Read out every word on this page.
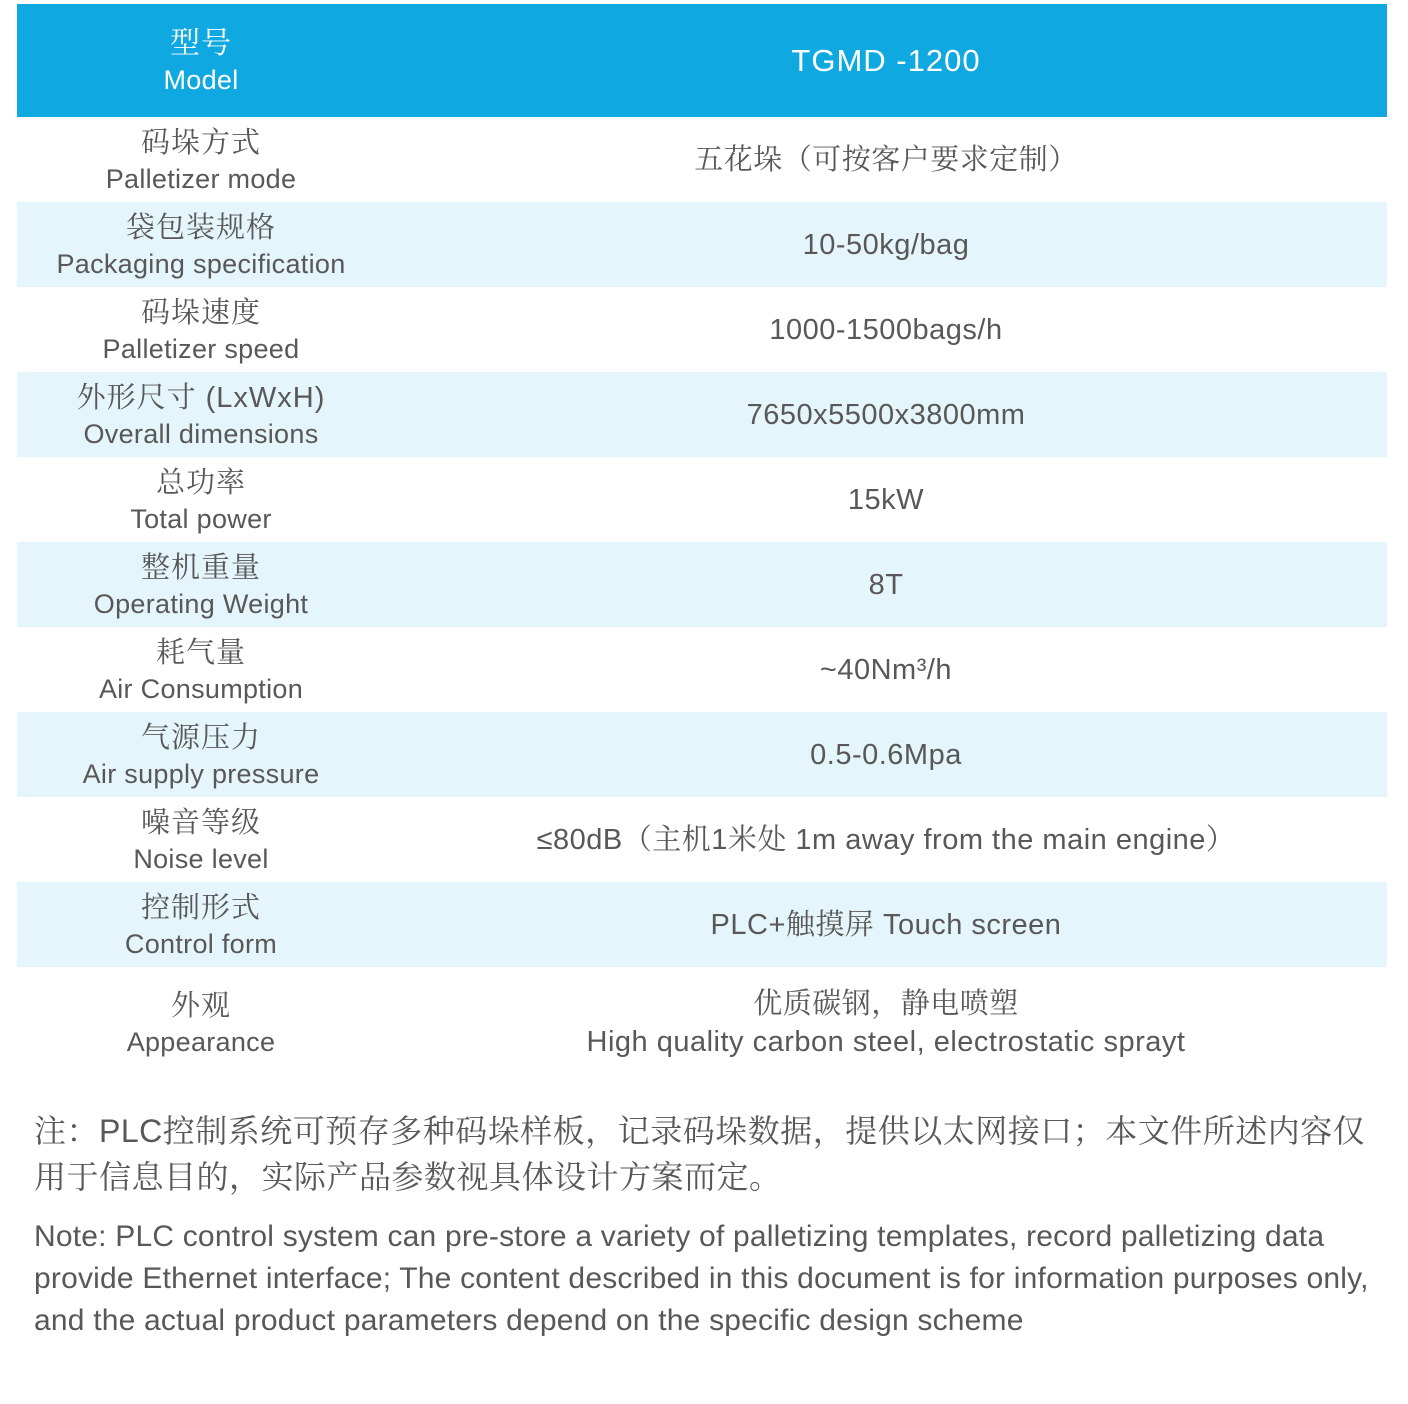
型号
Model
TGMD -1200
码垛方式
Palletizer mode
五花垛（可按客户要求定制）
袋包装规格
Packaging specification
10-50kg/bag
码垛速度
Palletizer speed
1000-1500bags/h
外形尺寸 (LxWxH)
Overall dimensions
7650x5500x3800mm
总功率
Total power
15kW
整机重量
Operating Weight
8T
耗气量
Air Consumption
~40Nm³/h
气源压力
Air supply pressure
0.5-0.6Mpa
噪音等级
Noise level
≤80dB（主机1米处 1m away from the main engine）
控制形式
Control form
PLC+触摸屏 Touch screen
外观
Appearance
优质碳钢，静电喷塑
High quality carbon steel, electrostatic sprayt

注：PLC控制系统可预存多种码垛样板，记录码垛数据，提供以太网接口；本文件所述内容仅用于信息目的，实际产品参数视具体设计方案而定。

Note: PLC control system can pre-store a variety of palletizing templates, record palletizing data provide Ethernet interface; The content described in this document is for information purposes only, and the actual product parameters depend on the specific design scheme
